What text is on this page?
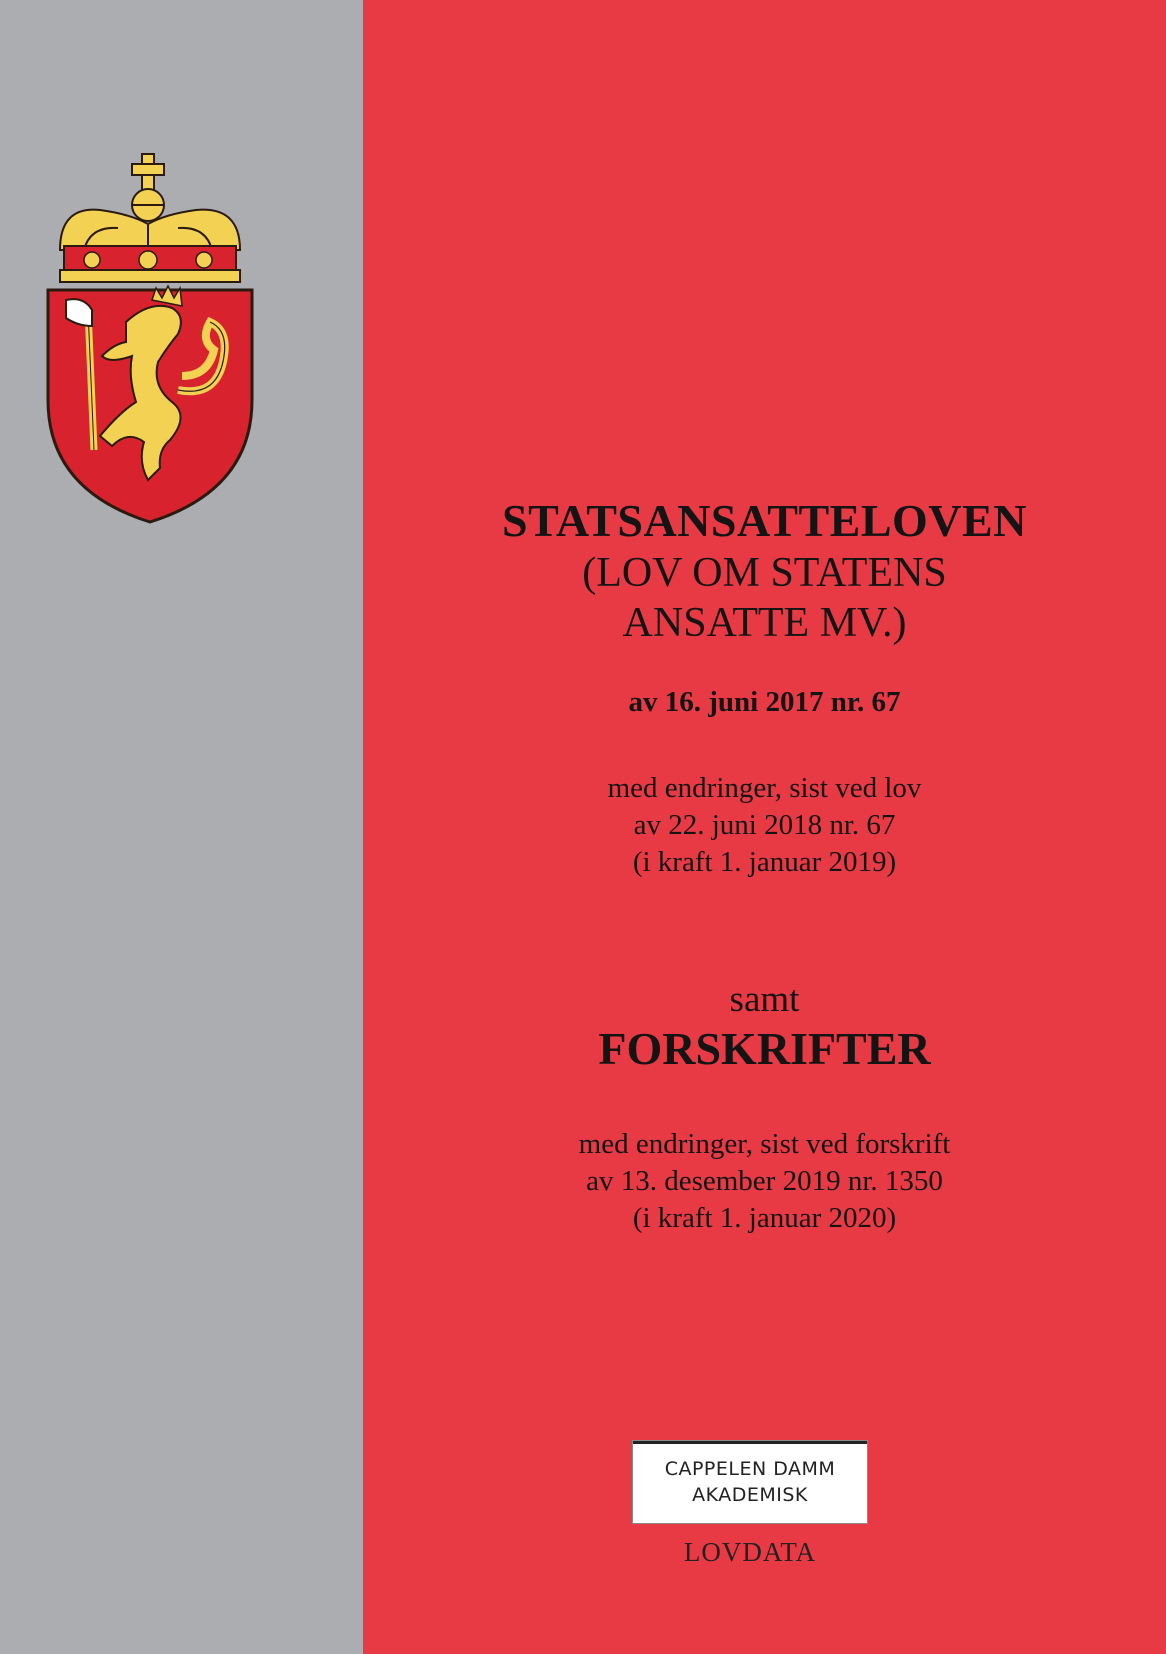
STATSANSATTELOVEN
(LOV OM STATENS
ANSATTE MV.)
av 16. juni 2017 nr. 67
med endringer, sist ved lov
av 22. juni 2018 nr. 67
(i kraft 1. januar 2019)
samt
FORSKRIFTER
med endringer, sist ved forskrift
av 13. desember 2019 nr. 1350
(i kraft 1. januar 2020)
CAPPELEN DAMM
AKADEMISK
LOVDATA
